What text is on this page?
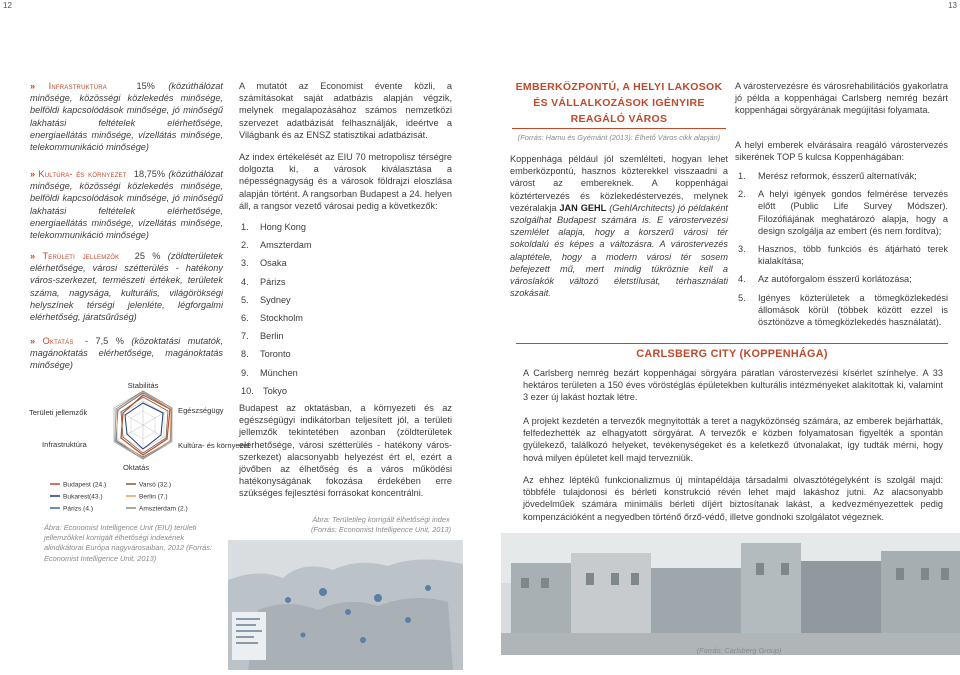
12	13
» Infrastruktúra	15% (közúthálózat minősége, közösségi közlekedés minősége, belföldi kapcsolódások minősége, jó minőségű lakhatási feltételek elérhetősége, energiaellátás minősége, vízellátás minősége, telekommunikáció minősége)
» Kultúra- és környezet 18,75% (közúthálózat minősége, közösségi közlekedés minősége, belföldi kapcsolódások minősége, jó minőségű lakhatási feltételek elérhetősége, energiaellátás minősége, vízellátás minősége, telekommunikáció minősége)
» Területi jellemzők 25 % (zöldterületek elérhetősége, városi szétterülés - hatékony város-szerkezet, természeti értékek, területek száma, nagysága, kulturális, világörökségi helyszínek térségi jelenléte, légforgalmi elérhetőség, járatsűrűség)
» Oktatás - 7,5 % (közoktatási mutatók, magánoktatás elérhetősége, magánoktatás minősége)
Stabilitás
Egészségügy
Kultúra- és környezet
Oktatás
Infrastruktúra
Területi jellemzők
Budapest (24.)	Varsó (32.)
Bukarest(43.)	Berlin (7.)
Párizs (4.)	Amszterdam (2.)
Ábra: Economist Intelligence Unit (EIU) területi jellemzőkkel korrigált élhetőségi indexének alindikátorai Európa nagyvárosaiban, 2012 (Forrás: Economist Intelligence Unit, 2013)
A mutatót az Economist évente közli, a számításokat saját adatbázis alapján végzik, melynek megalapozásához számos nemzetközi szervezet adatbázisát felhasználják, ideértve a Világbank és az ENSZ statisztikai adatbázisát.
Az index értékelését az EIU 70 metropolisz térségre dolgozta ki, a városok kiválasztása a népességnagyság és a városok földrajzi eloszlása alapján történt. A rangsorban Budapest a 24. helyen áll, a rangsor vezető városai pedig a következők:
1.	Hong Kong
2.	Amszterdam
3.	Osaka
4.	Párizs
5.	Sydney
6.	Stockholm
7.	Berlin
8.	Toronto
9.	München
10. Tokyo
Budapest az oktatásban, a környezeti és az egészségügyi indikátorban teljesített jól, a területi jellemzők tekintetében azonban (zöldterületek elérhetősége, városi szétterülés - hatékony város-szerkezet) alacsonyabb helyezést ért el, ezért a jövőben az élhetőség és a város működési hatékonyságának fokozása érdekében erre szükséges fejlesztési forrásokat koncentrálni.
Ábra: Területileg korrigált élhetőségi index (Forrás: Economist Intelligence Unit, 2013)
EMBERKÖZPONTÚ, A HELYI LAKOSOK ÉS VÁLLALKOZÁSOK IGÉNYIRE REAGÁLÓ VÁROS
(Forrás: Hamu és Gyémánt (2013): Élhető Város cikk alapján)
Koppenhága például jól szemlélteti, hogyan lehet emberközpontú, hasznos közterekkel visszaadni a várost az embereknek. A koppenhágai köztértervezés és közlekedéstervezés, melynek vezéralakja JAN GEHL (GehlArchitects) jó példaként szolgálhat Budapest számára is. E várostervezési szemlélet alapja, hogy a korszerű városi tér sokoldalú és képes a változásra. A várostervezés alaptétele, hogy a modern városi tér sosem befejezett mű, mert mindig tükröznie kell a városlakók változó életstílusát, térhasználati szokásait.
A várostervezésre és városrehabilitációs gyakorlatra jó példa a koppenhágai Carlsberg nemrég bezárt koppenhágai sörgyárának megújítási folyamata.
A helyi emberek elvárásaira reagáló várostervezés sikerének TOP 5 kulcsa Koppenhágában:
1.	Merész reformok, ésszerű alternatívák;
2.	A helyi igények gondos felmérése tervezés előtt (Public Life Survey Módszer). Filozófiájának meghatározó alapja, hogy a design szolgálja az embert (és nem fordítva);
3.	Hasznos, több funkciós és átjárható terek kialakítása;
4.	Az autóforgalom ésszerű korlátozása;
5.	Igényes közterületek a tömegközlekedési állomások körül (többek között ezzel is ösztönözve a tömegközlekedés használatát).
CARLSBERG CITY (KOPPENHÁGA)
A Carlsberg nemrég bezárt koppenhágai sörgyára páratlan várostervezési kísérlet színhelye. A 33 hektáros területen a 150 éves vöröstéglás épületekben kulturális intézményeket alakítottak ki, valamint 3 ezer új lakást hoztak létre.
A projekt kezdetén a tervezők megnyitották a teret a nagyközönség számára, az emberek bejárhatták, felfedezhették az elhagyatott sörgyárat. A tervezők e közben folyamatosan figyelték a spontán gyülekező, találkozó helyeket, tevékenységeket és a keletkező útvonalakat, így tudták mérni, hogy hová milyen épületet kell majd tervezniük.
Az ehhez léptékű funkcionalizmus új mintapéldája társadalmi olvasztótégelyként is szolgál majd: többféle tulajdonosi és bérleti konstrukció révén lehet majd lakáshoz jutni. Az alacsonyabb jövedelműek számára minimális bérleti díjért biztosítanak lakást, a kedvezményezettek pedig kompenzációként a negyedben történő őrző-védő, illetve gondnoki szolgálatot végeznek.
(Forrás: Carlsberg Group)
